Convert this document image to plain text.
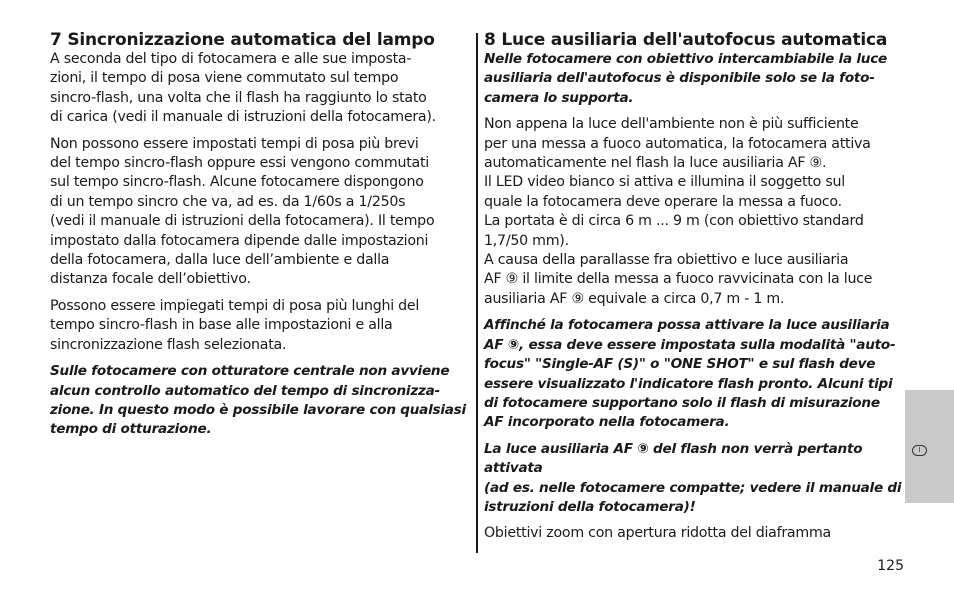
7 Sincronizzazione automatica del lampo

A seconda del tipo di fotocamera e alle sue imposta-
zioni, il tempo di posa viene commutato sul tempo
sincro-flash, una volta che il flash ha raggiunto lo stato
di carica (vedi il manuale di istruzioni della fotocamera).

Non possono essere impostati tempi di posa più brevi
del tempo sincro-flash oppure essi vengono commutati
sul tempo sincro-flash. Alcune fotocamere dispongono
di un tempo sincro che va, ad es. da 1/60s a 1/250s
(vedi il manuale di istruzioni della fotocamera). Il tempo
impostato dalla fotocamera dipende dalle impostazioni
della fotocamera, dalla luce dell’ambiente e dalla
distanza focale dell’obiettivo.

Possono essere impiegati tempi di posa più lunghi del
tempo sincro-flash in base alle impostazioni e alla
sincronizzazione flash selezionata.

Sulle fotocamere con otturatore centrale non avviene
alcun controllo automatico del tempo di sincronizza-
zione. In questo modo è possibile lavorare con qualsiasi
tempo di otturazione.

8 Luce ausiliaria dell'autofocus automatica

Nelle fotocamere con obiettivo intercambiabile la luce
ausiliaria dell'autofocus è disponibile solo se la foto-
camera lo supporta.

Non appena la luce dell'ambiente non è più sufficiente
per una messa a fuoco automatica, la fotocamera attiva
automaticamente nel flash la luce ausiliaria AF ⑨.
Il LED video bianco si attiva e illumina il soggetto sul
quale la fotocamera deve operare la messa a fuoco.
La portata è di circa 6 m ... 9 m (con obiettivo standard
1,7/50 mm).
A causa della parallasse fra obiettivo e luce ausiliaria
AF ⑨ il limite della messa a fuoco ravvicinata con la luce
ausiliaria AF ⑨ equivale a circa 0,7 m - 1 m.

Affinché la fotocamera possa attivare la luce ausiliaria
AF ⑨, essa deve essere impostata sulla modalità "auto-
focus" "Single-AF (S)" o "ONE SHOT" e sul flash deve
essere visualizzato l'indicatore flash pronto. Alcuni tipi
di fotocamere supportano solo il flash di misurazione
AF incorporato nella fotocamera.

La luce ausiliaria AF ⑨ del flash non verrà pertanto
attivata
(ad es. nelle fotocamere compatte; vedere il manuale di
istruzioni della fotocamera)!

Obiettivi zoom con apertura ridotta del diaframma

I
125
